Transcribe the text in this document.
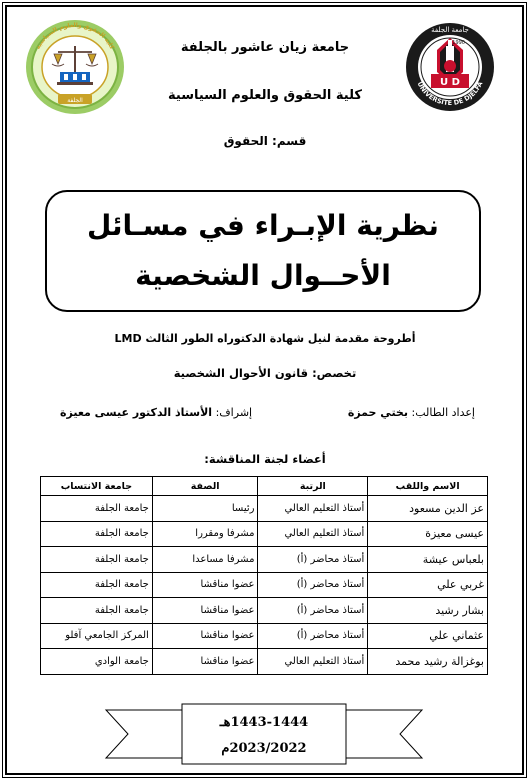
U D
1990
جامعة الجلفة
UNIVERSITE DE DJELFA
كلية الحقوق والعلوم السياسية
الجلفة
جامعة زيان عاشور بالجلفة
كلية الحقوق والعلوم السياسية
قسم: الحقوق
نظرية الإبـراء في مسـائل الأحــوال الشخصية
أطروحة مقدمة لنيل شهادة الدكتوراه الطور الثالث LMD
تخصص: قانون الأحوال الشخصية
إعداد الطالب: بختي حمزة
إشراف: الأستاذ الدكتور عيسى معيزة
أعضاء لجنة المناقشة:
الاسم واللقب	الرتبة	الصفة	جامعة الانتساب
عز الدين مسعود	أستاذ التعليم العالي	رئيسا	جامعة الجلفة
عيسى معيزة	أستاذ التعليم العالي	مشرفا ومقررا	جامعة الجلفة
بلعباس عيشة	أستاذ محاضر (أ)	مشرفا مساعدا	جامعة الجلفة
غربي علي	أستاذ محاضر (أ)	عضوا مناقشا	جامعة الجلفة
بشار رشيد	أستاذ محاضر (أ)	عضوا مناقشا	جامعة الجلفة
عثماني علي	أستاذ محاضر (أ)	عضوا مناقشا	المركز الجامعي آفلو
بوغزالة رشيد محمد	أستاذ التعليم العالي	عضوا مناقشا	جامعة الوادي
1443-1444هـ
2023/2022م
